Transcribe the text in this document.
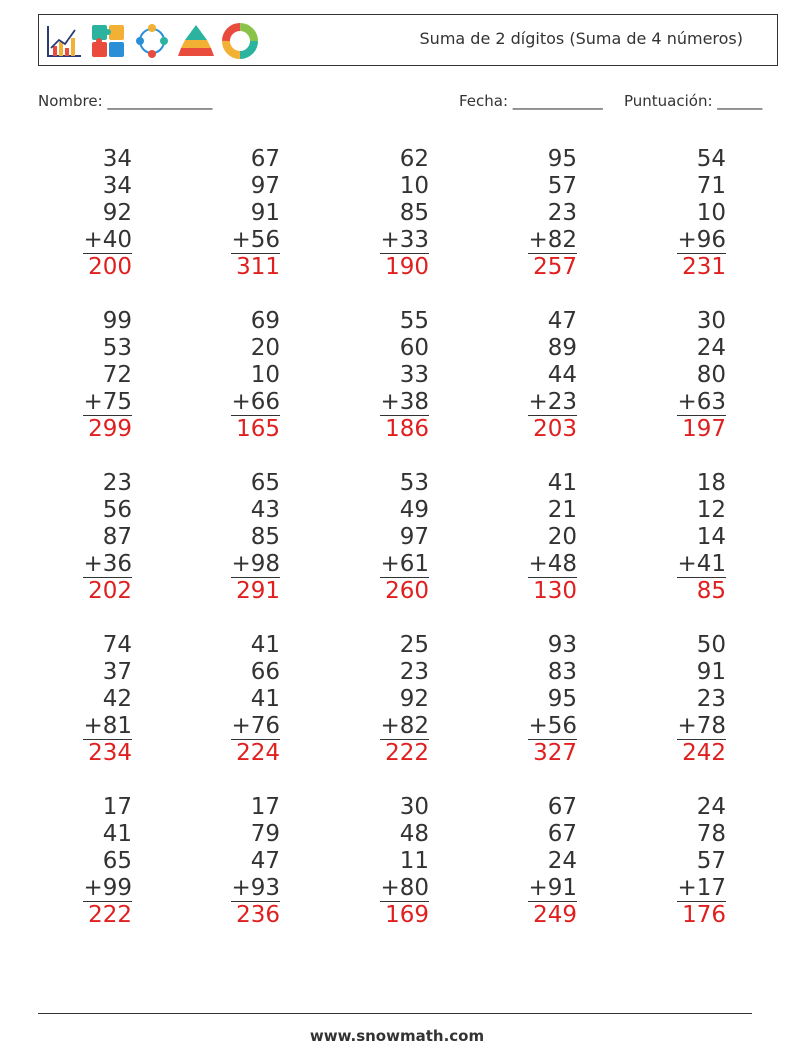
Suma de 2 dígitos (Suma de 4 números)
Nombre: ______________	Fecha: ____________ Puntuación: ______
34
34
92
+40
200
67
97
91
+56
311
62
10
85
+33
190
95
57
23
+82
257
54
71
10
+96
231
99
53
72
+75
299
69
20
10
+66
165
55
60
33
+38
186
47
89
44
+23
203
30
24
80
+63
197
23
56
87
+36
202
65
43
85
+98
291
53
49
97
+61
260
41
21
20
+48
130
18
12
14
+41
85
74
37
42
+81
234
41
66
41
+76
224
25
23
92
+82
222
93
83
95
+56
327
50
91
23
+78
242
17
41
65
+99
222
17
79
47
+93
236
30
48
11
+80
169
67
67
24
+91
249
24
78
57
+17
176
www.snowmath.com
